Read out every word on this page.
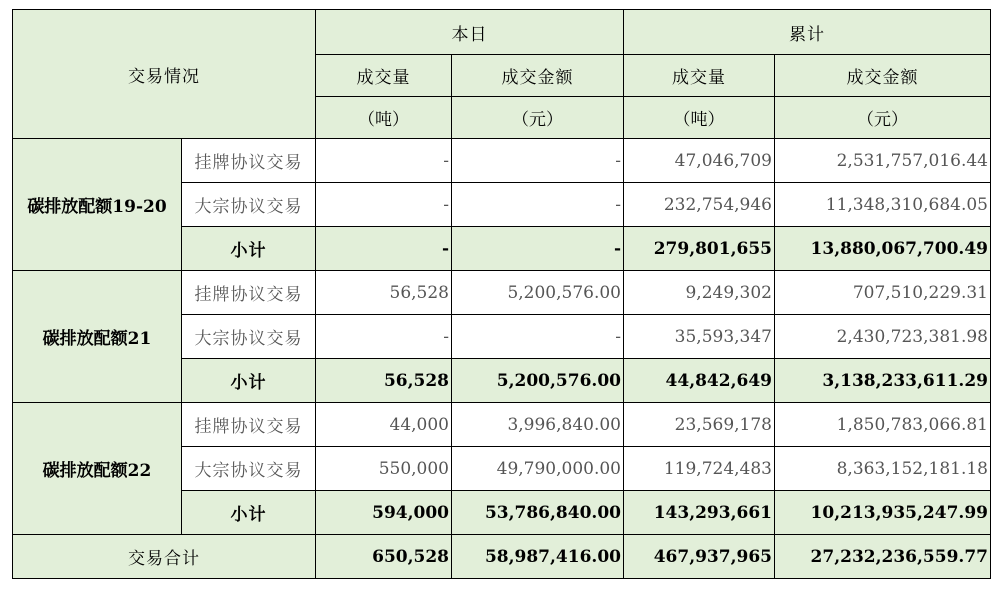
交易情况		本日		累计	
		成交量	成交金额	成交量	成交金额
		（吨）	（元）	（吨）	（元）
碳排放配额19-20	挂牌协议交易	-	-	47,046,709	2,531,757,016.44
	大宗协议交易	-	-	232,754,946	11,348,310,684.05
	小计	-	-	279,801,655	13,880,067,700.49
碳排放配额21	挂牌协议交易	56,528	5,200,576.00	9,249,302	707,510,229.31
	大宗协议交易	-	-	35,593,347	2,430,723,381.98
	小计	56,528	5,200,576.00	44,842,649	3,138,233,611.29
碳排放配额22	挂牌协议交易	44,000	3,996,840.00	23,569,178	1,850,783,066.81
	大宗协议交易	550,000	49,790,000.00	119,724,483	8,363,152,181.18
	小计	594,000	53,786,840.00	143,293,661	10,213,935,247.99
交易合计		650,528	58,987,416.00	467,937,965	27,232,236,559.77
